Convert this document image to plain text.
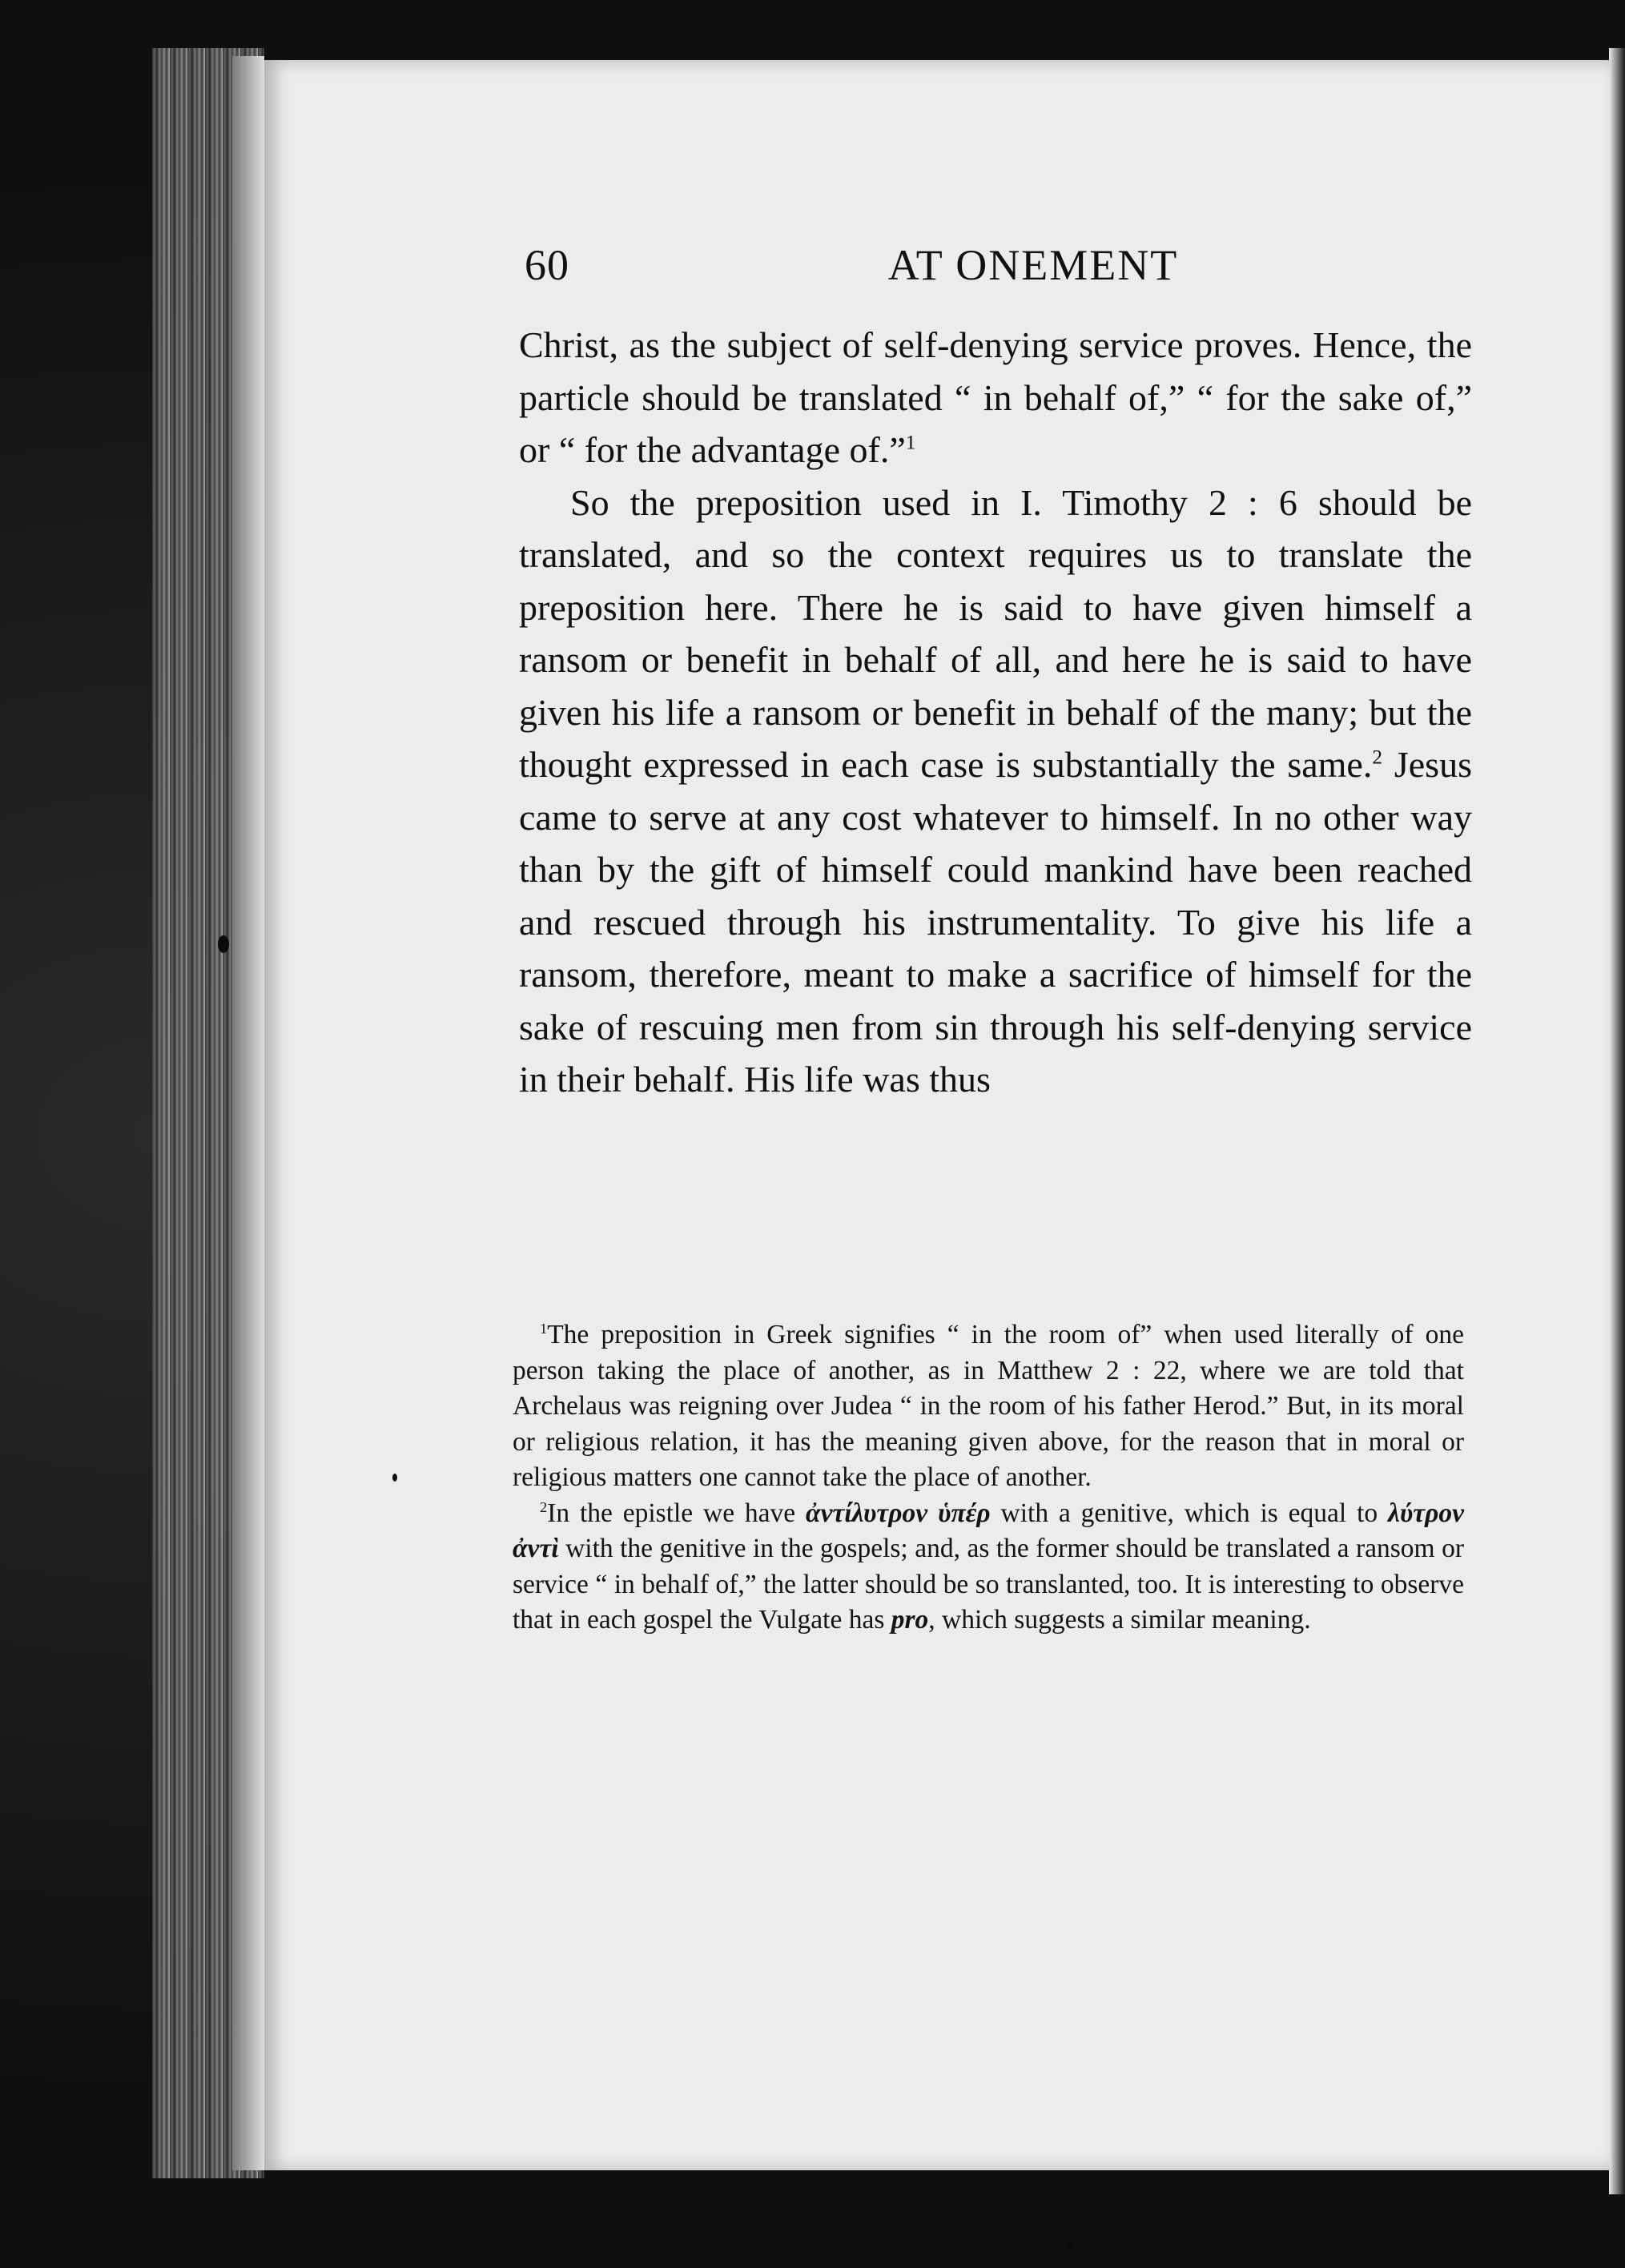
60	AT ONEMENT

Christ, as the subject of self-denying service proves. Hence, the particle should be translated “ in behalf of,” “ for the sake of,” or “ for the advantage of.”$^1$

So the preposition used in I. Timothy 2 : 6 should be translated, and so the context requires us to translate the preposition here. There he is said to have given himself a ransom or benefit in behalf of all, and here he is said to have given his life a ransom or benefit in behalf of the many; but the thought expressed in each case is substantially the same.$^2$ Jesus came to serve at any cost whatever to himself. In no other way than by the gift of himself could mankind have been reached and rescued through his instrumentality. To give his life a ransom, therefore, meant to make a sacrifice of himself for the sake of rescuing men from sin through his self-denying service in their behalf. His life was thus

$^1$The preposition in Greek signifies “ in the room of” when used literally of one person taking the place of another, as in Matthew 2 : 22, where we are told that Archelaus was reigning over Judea “ in the room of his father Herod.” But, in its moral or religious relation, it has the meaning given above, for the reason that in moral or religious matters one cannot take the place of another.

$^2$In the epistle we have ἀντίλυτρον ὑπέρ with a genitive, which is equal to λύτρον ἀντὶ with the genitive in the gospels; and, as the former should be translated a ransom or service “ in behalf of,” the latter should be so translanted, too. It is interesting to observe that in each gospel the Vulgate has pro, which suggests a similar meaning.
